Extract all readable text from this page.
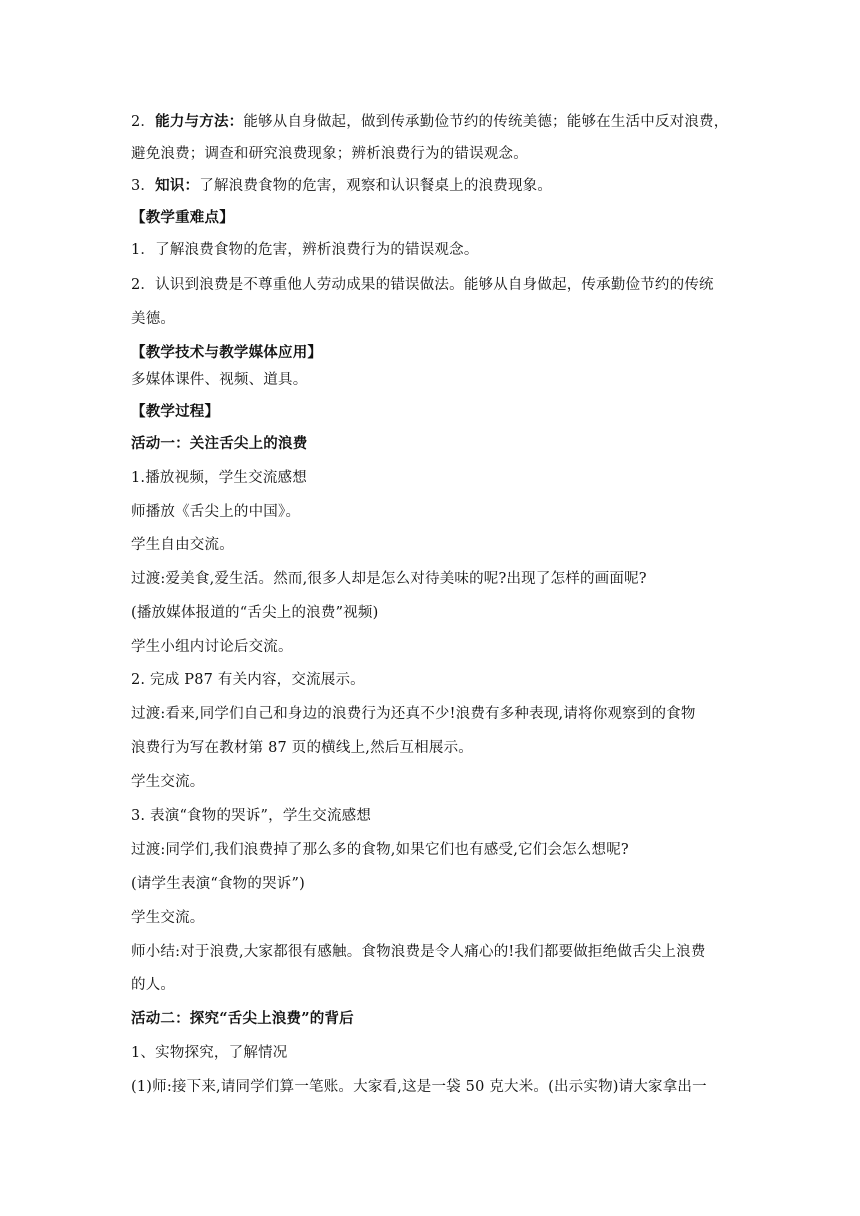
2．能力与方法：能够从自身做起，做到传承勤俭节约的传统美德；能够在生活中反对浪费，
避免浪费；调查和研究浪费现象；辨析浪费行为的错误观念。
3．知识：了解浪费食物的危害，观察和认识餐桌上的浪费现象。
【教学重难点】
1．了解浪费食物的危害，辨析浪费行为的错误观念。
2．认识到浪费是不尊重他人劳动成果的错误做法。能够从自身做起，传承勤俭节约的传统
美德。
【教学技术与教学媒体应用】
多媒体课件、视频、道具。
【教学过程】
活动一：关注舌尖上的浪费
1.播放视频，学生交流感想
师播放《舌尖上的中国》。
学生自由交流。
过渡:爱美食,爱生活。然而,很多人却是怎么对待美味的呢?出现了怎样的画面呢?
(播放媒体报道的“舌尖上的浪费”视频)
学生小组内讨论后交流。
2. 完成 P87 有关内容，交流展示。
过渡:看来,同学们自己和身边的浪费行为还真不少!浪费有多种表现,请将你观察到的食物
浪费行为写在教材第 87 页的横线上,然后互相展示。
学生交流。
3. 表演“食物的哭诉”，学生交流感想
过渡:同学们,我们浪费掉了那么多的食物,如果它们也有感受,它们会怎么想呢?
(请学生表演“食物的哭诉”)
学生交流。
师小结:对于浪费,大家都很有感触。食物浪费是令人痛心的!我们都要做拒绝做舌尖上浪费
的人。
活动二：探究“舌尖上浪费”的背后
1、实物探究，了解情况
(1)师:接下来,请同学们算一笔账。大家看,这是一袋 50 克大米。(出示实物)请大家拿出一
